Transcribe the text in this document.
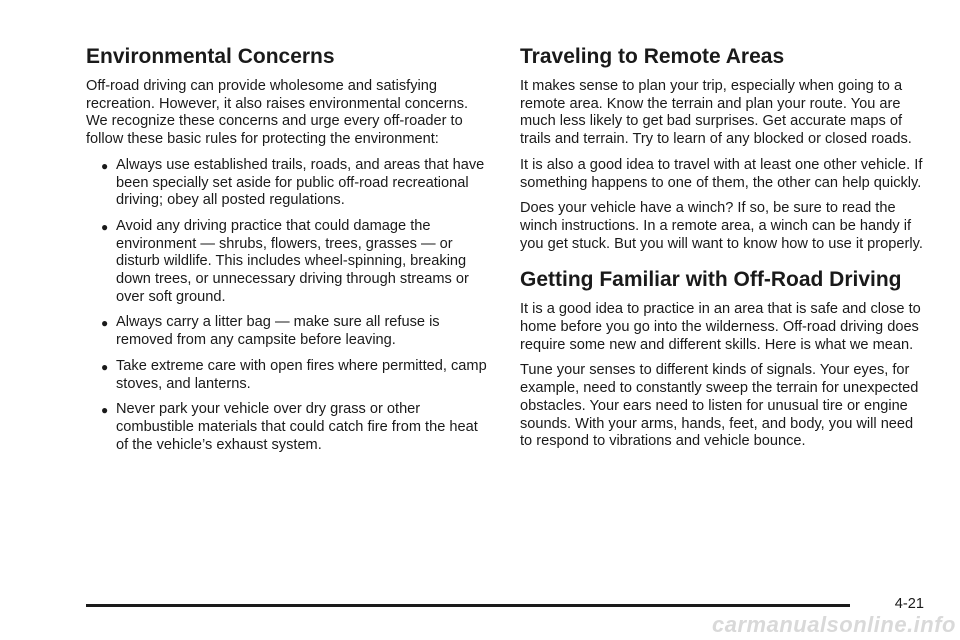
Environmental Concerns

Off-road driving can provide wholesome and satisfying recreation. However, it also raises environmental concerns. We recognize these concerns and urge every off-roader to follow these basic rules for protecting the environment:

● Always use established trails, roads, and areas that have been specially set aside for public off-road recreational driving; obey all posted regulations.
● Avoid any driving practice that could damage the environment — shrubs, flowers, trees, grasses — or disturb wildlife. This includes wheel-spinning, breaking down trees, or unnecessary driving through streams or over soft ground.
● Always carry a litter bag — make sure all refuse is removed from any campsite before leaving.
● Take extreme care with open fires where permitted, camp stoves, and lanterns.
● Never park your vehicle over dry grass or other combustible materials that could catch fire from the heat of the vehicle’s exhaust system.
Traveling to Remote Areas

It makes sense to plan your trip, especially when going to a remote area. Know the terrain and plan your route. You are much less likely to get bad surprises. Get accurate maps of trails and terrain. Try to learn of any blocked or closed roads.

It is also a good idea to travel with at least one other vehicle. If something happens to one of them, the other can help quickly.

Does your vehicle have a winch? If so, be sure to read the winch instructions. In a remote area, a winch can be handy if you get stuck. But you will want to know how to use it properly.

Getting Familiar with Off-Road Driving

It is a good idea to practice in an area that is safe and close to home before you go into the wilderness. Off-road driving does require some new and different skills. Here is what we mean.

Tune your senses to different kinds of signals. Your eyes, for example, need to constantly sweep the terrain for unexpected obstacles. Your ears need to listen for unusual tire or engine sounds. With your arms, hands, feet, and body, you will need to respond to vibrations and vehicle bounce.

4-21
carmanualsonline.info
